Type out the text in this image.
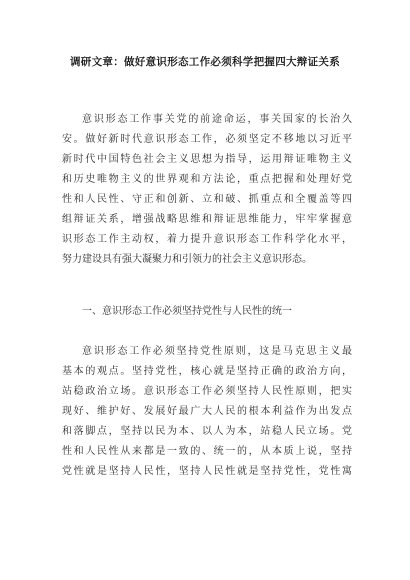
调研文章：做好意识形态工作必须科学把握四大辩证关系
意识形态工作事关党的前途命运，事关国家的长治久
安。做好新时代意识形态工作，必须坚定不移地以习近平
新时代中国特色社会主义思想为指导，运用辩证唯物主义
和历史唯物主义的世界观和方法论，重点把握和处理好党
性和人民性、守正和创新、立和破、抓重点和全覆盖等四
组辩证关系，增强战略思维和辩证思维能力，牢牢掌握意
识形态工作主动权，着力提升意识形态工作科学化水平，
努力建设具有强大凝聚力和引领力的社会主义意识形态。
一、意识形态工作必须坚持党性与人民性的统一
意识形态工作必须坚持党性原则，这是马克思主义最
基本的观点。坚持党性，核心就是坚持正确的政治方向，
站稳政治立场。意识形态工作必须坚持人民性原则，把实
现好、维护好、发展好最广大人民的根本利益作为出发点
和落脚点，坚持以民为本、以人为本，站稳人民立场。党
性和人民性从来都是一致的、统一的，从本质上说，坚持
党性就是坚持人民性，坚持人民性就是坚持党性，党性寓
